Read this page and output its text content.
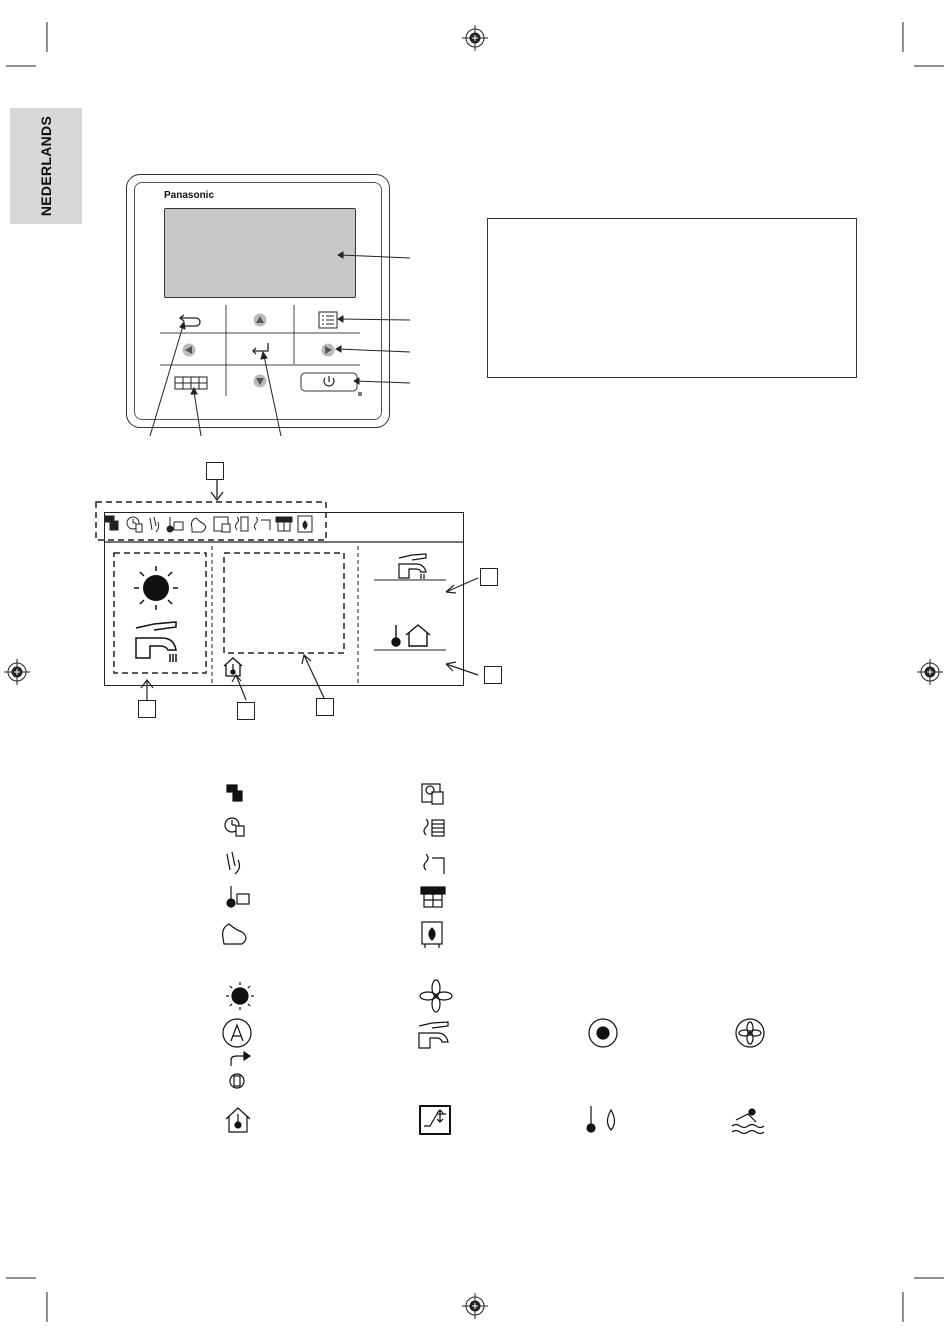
NEDERLANDS	Panasonic
